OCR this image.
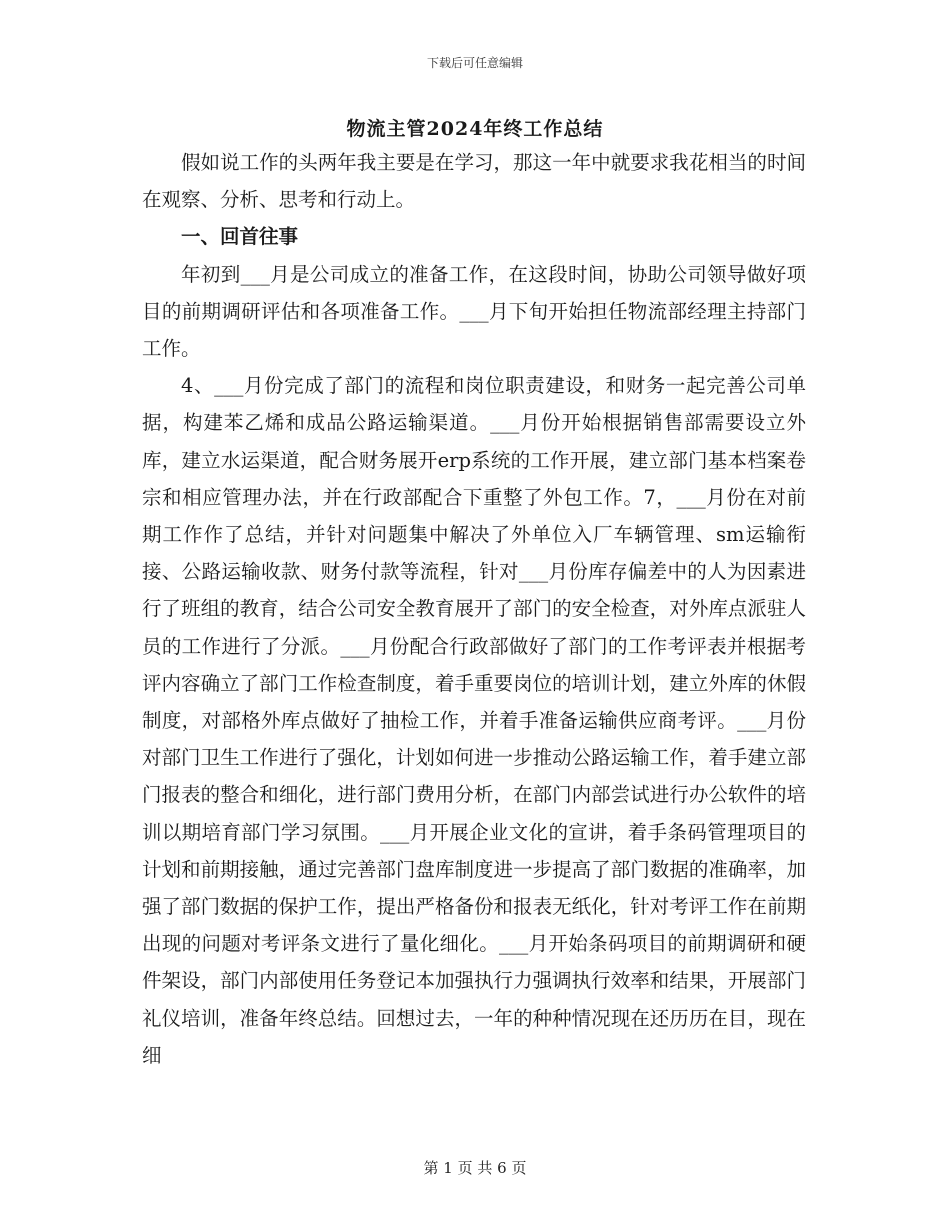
下载后可任意编辑
物流主管2024年终工作总结

假如说工作的头两年我主要是在学习，那这一年中就要求我花相当的时间在观察、分析、思考和行动上。

一、回首往事

年初到___月是公司成立的准备工作，在这段时间，协助公司领导做好项目的前期调研评估和各项准备工作。___月下旬开始担任物流部经理主持部门工作。

4、___月份完成了部门的流程和岗位职责建设，和财务一起完善公司单据，构建苯乙烯和成品公路运输渠道。___月份开始根据销售部需要设立外库，建立水运渠道，配合财务展开erp系统的工作开展，建立部门基本档案卷宗和相应管理办法，并在行政部配合下重整了外包工作。7，___月份在对前期工作作了总结，并针对问题集中解决了外单位入厂车辆管理、sm运输衔接、公路运输收款、财务付款等流程，针对___月份库存偏差中的人为因素进行了班组的教育，结合公司安全教育展开了部门的安全检查，对外库点派驻人员的工作进行了分派。___月份配合行政部做好了部门的工作考评表并根据考评内容确立了部门工作检查制度，着手重要岗位的培训计划，建立外库的休假制度，对部格外库点做好了抽检工作，并着手准备运输供应商考评。___月份对部门卫生工作进行了强化，计划如何进一步推动公路运输工作，着手建立部门报表的整合和细化，进行部门费用分析，在部门内部尝试进行办公软件的培训以期培育部门学习氛围。___月开展企业文化的宣讲，着手条码管理项目的计划和前期接触，通过完善部门盘库制度进一步提高了部门数据的准确率，加强了部门数据的保护工作，提出严格备份和报表无纸化，针对考评工作在前期出现的问题对考评条文进行了量化细化。___月开始条码项目的前期调研和硬件架设，部门内部使用任务登记本加强执行力强调执行效率和结果，开展部门礼仪培训，准备年终总结。回想过去，一年的种种情况现在还历历在目，现在细

第 1 页 共 6 页
